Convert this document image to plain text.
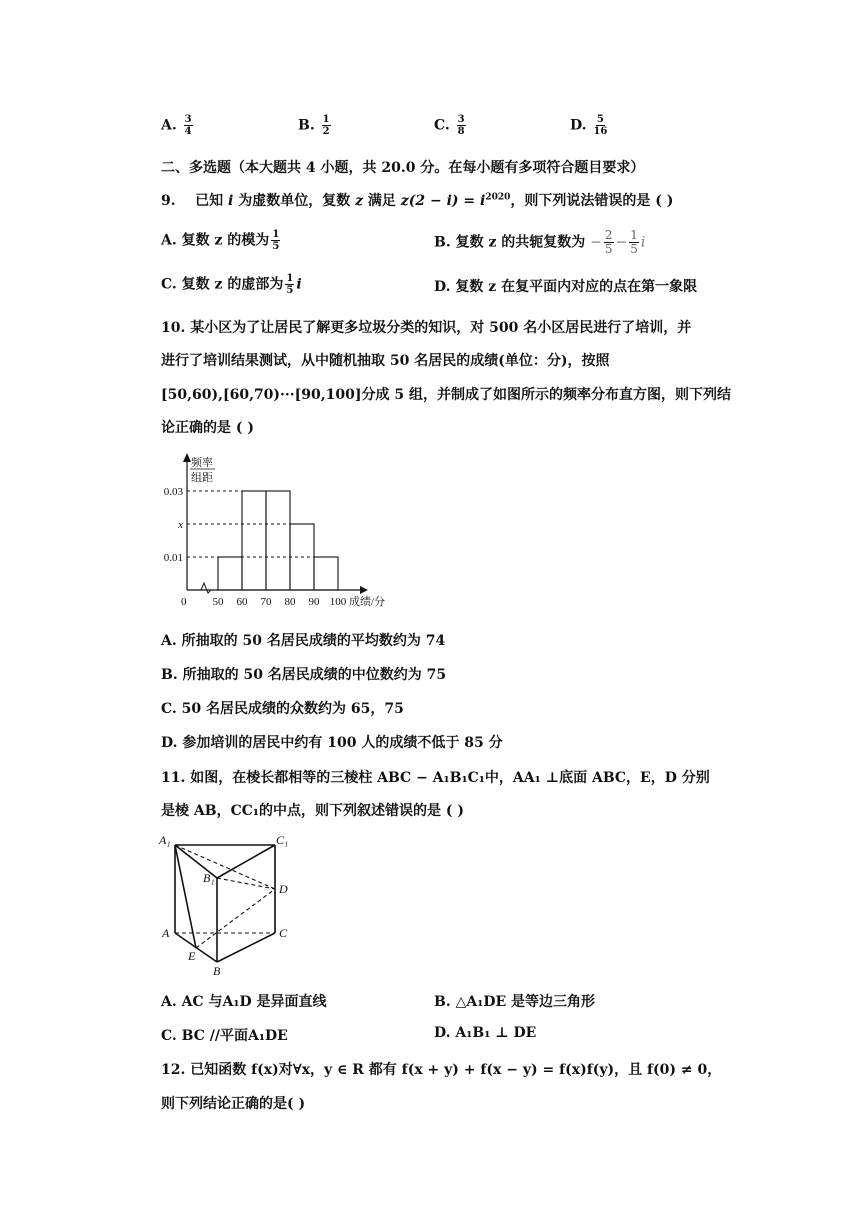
A. $\frac{3}{4}$	B. $\frac{1}{2}$	C. $\frac{3}{8}$	D. $\frac{5}{16}$
二、多选题（本大题共 4 小题，共 20.0 分。在每小题有多项符合题目要求）
9. 已知 i 为虚数单位，复数 z 满足 $z(2 - i) = i^{2020}$，则下列说法错误的是 ( )
A. 复数 z 的模为 $\frac{1}{5}$	B. 复数 z 的共轭复数为 − $\frac{2}{5} - \frac{1}{5}$ i
C. 复数 z 的虚部为 $\frac{1}{5}$ i	D. 复数 z 在复平面内对应的点在第一象限
10. 某小区为了让居民了解更多垃圾分类的知识，对 500 名小区居民进行了培训，并
进行了培训结果测试，从中随机抽取 50 名居民的成绩(单位：分)，按照
[50,60),[60,70)···[90,100]分成 5 组，并制成了如图所示的频率分布直方图，则下列结
论正确的是 ( )
频率
组距
0.03
x
0.01
0 50 60 70 80 90 100 成绩/分
A. 所抽取的 50 名居民成绩的平均数约为 74
B. 所抽取的 50 名居民成绩的中位数约为 75
C. 50 名居民成绩的众数约为 65，75
D. 参加培训的居民中约有 100 人的成绩不低于 85 分
11. 如图，在棱长都相等的三棱柱 ABC − A₁B₁C₁中，AA₁ ⊥底面 ABC，E，D 分别
是棱 AB，CC₁的中点，则下列叙述错误的是 ( )
A₁	C₁
B₁
D
A	C
E
B
A. AC 与A₁D 是异面直线	B. △A₁DE 是等边三角形
C. BC //平面A₁DE	D. A₁B₁ ⊥ DE
12. 已知函数 f(x)对∀x，y ∈ R 都有 f(x + y) + f(x − y) = f(x)f(y)，且 f(0) ≠ 0，
则下列结论正确的是( )
